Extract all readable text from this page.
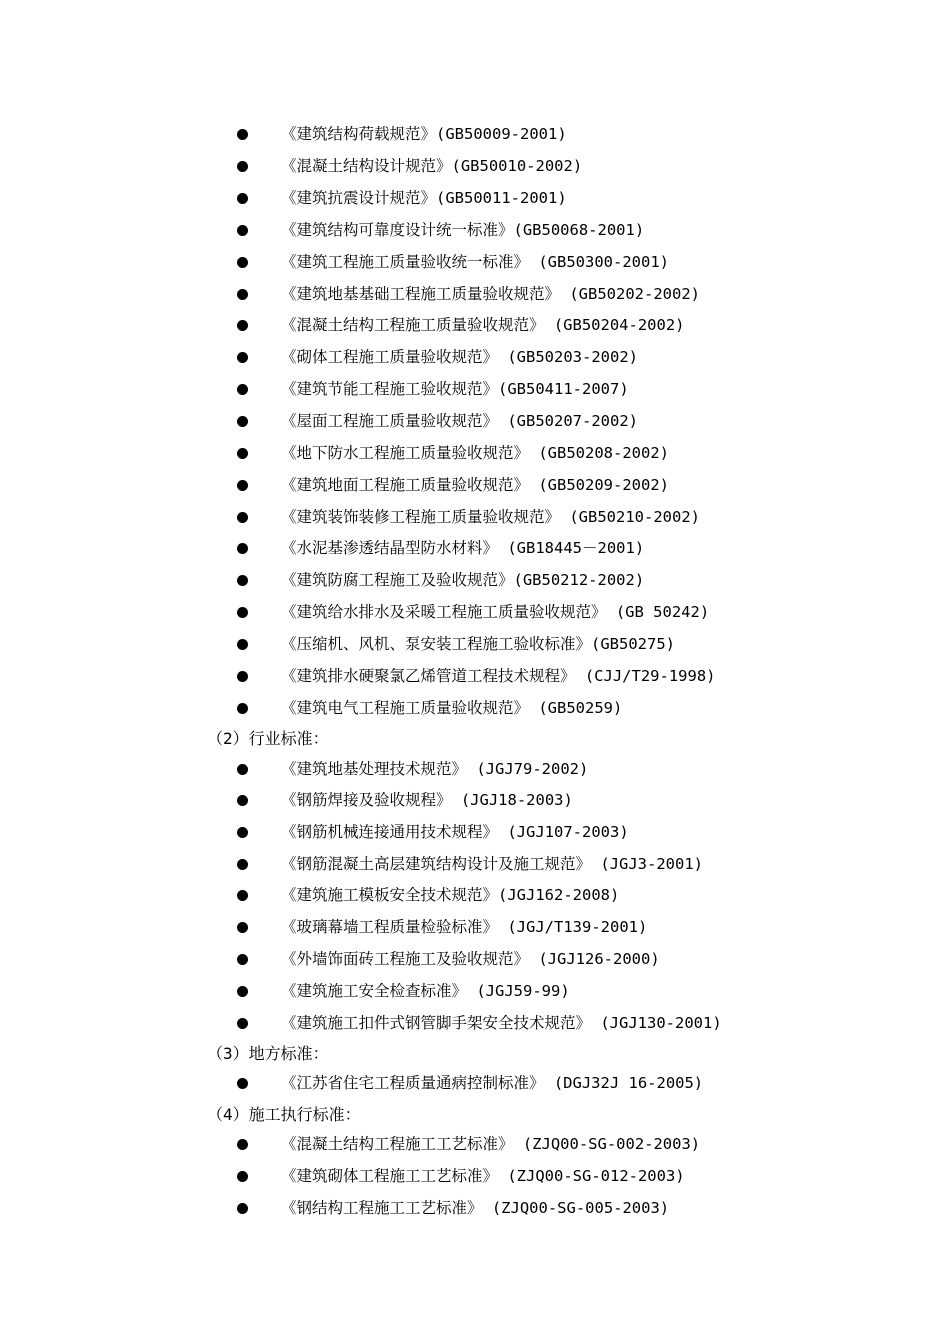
《建筑结构荷载规范》(GB50009-2001)
《混凝土结构设计规范》(GB50010-2002)
《建筑抗震设计规范》(GB50011-2001)
《建筑结构可靠度设计统一标准》(GB50068-2001)
《建筑工程施工质量验收统一标准》 (GB50300-2001)
《建筑地基基础工程施工质量验收规范》 (GB50202-2002)
《混凝土结构工程施工质量验收规范》 (GB50204-2002)
《砌体工程施工质量验收规范》 (GB50203-2002)
《建筑节能工程施工验收规范》(GB50411-2007)
《屋面工程施工质量验收规范》 (GB50207-2002)
《地下防水工程施工质量验收规范》 (GB50208-2002)
《建筑地面工程施工质量验收规范》 (GB50209-2002)
《建筑装饰装修工程施工质量验收规范》 (GB50210-2002)
《水泥基渗透结晶型防水材料》 (GB18445－2001)
《建筑防腐工程施工及验收规范》(GB50212-2002)
《建筑给水排水及采暖工程施工质量验收规范》 (GB 50242)
《压缩机、风机、泵安装工程施工验收标准》(GB50275)
《建筑排水硬聚氯乙烯管道工程技术规程》 (CJJ/T29-1998)
《建筑电气工程施工质量验收规范》 (GB50259)
（2）行业标准：
《建筑地基处理技术规范》 (JGJ79-2002)
《钢筋焊接及验收规程》 (JGJ18-2003)
《钢筋机械连接通用技术规程》 (JGJ107-2003)
《钢筋混凝土高层建筑结构设计及施工规范》 (JGJ3-2001)
《建筑施工模板安全技术规范》(JGJ162-2008)
《玻璃幕墙工程质量检验标准》 (JGJ/T139-2001)
《外墙饰面砖工程施工及验收规范》 (JGJ126-2000)
《建筑施工安全检查标准》 (JGJ59-99)
《建筑施工扣件式钢管脚手架安全技术规范》 (JGJ130-2001)
（3）地方标准：
《江苏省住宅工程质量通病控制标准》 (DGJ32J 16-2005)
（4）施工执行标准：
《混凝土结构工程施工工艺标准》 (ZJQ00-SG-002-2003)
《建筑砌体工程施工工艺标准》 (ZJQ00-SG-012-2003)
《钢结构工程施工工艺标准》 (ZJQ00-SG-005-2003)
